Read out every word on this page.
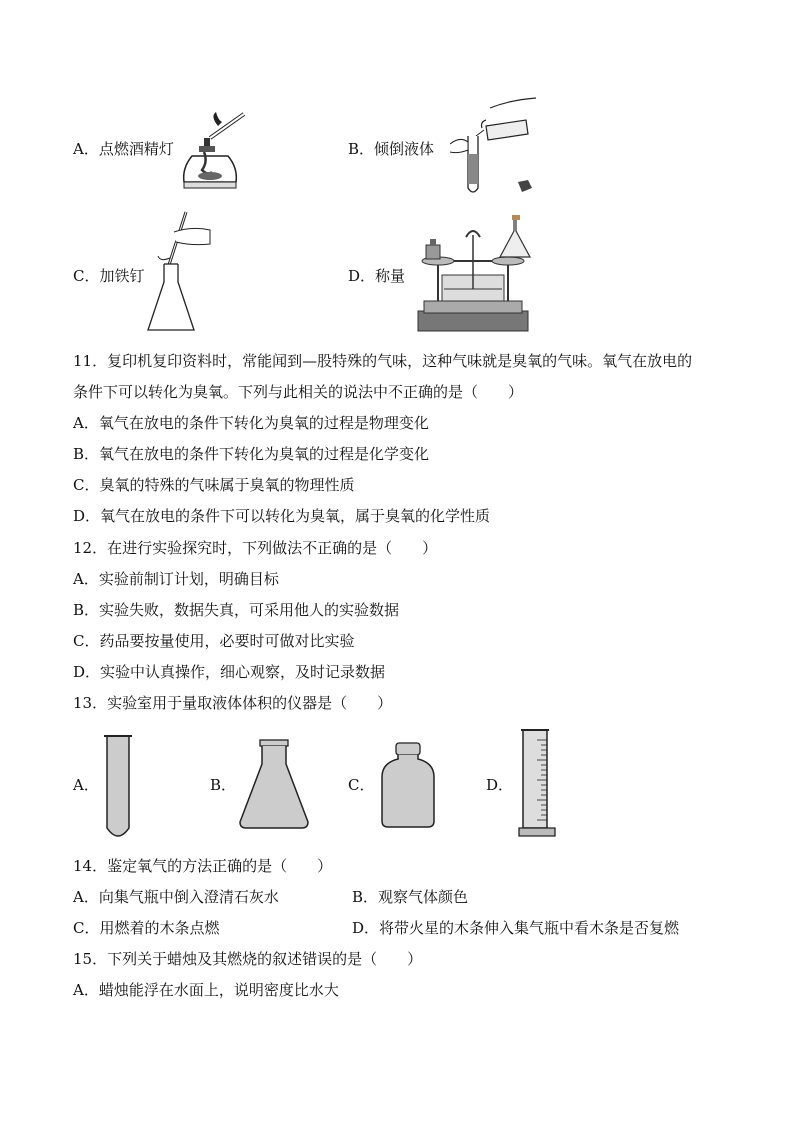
A．点燃酒精灯	B．倾倒液体
C．加铁钉	D．称量
11．复印机复印资料时，常能闻到—股特殊的气味，这种气味就是臭氧的气味。氧气在放电的
条件下可以转化为臭氧。下列与此相关的说法中不正确的是（　　）
A．氧气在放电的条件下转化为臭氧的过程是物理变化
B．氧气在放电的条件下转化为臭氧的过程是化学变化
C．臭氧的特殊的气味属于臭氧的物理性质
D．氧气在放电的条件下可以转化为臭氧，属于臭氧的化学性质
12．在进行实验探究时，下列做法不正确的是（　　）
A．实验前制订计划，明确目标
B．实验失败，数据失真，可采用他人的实验数据
C．药品要按量使用，必要时可做对比实验
D．实验中认真操作，细心观察，及时记录数据
13．实验室用于量取液体体积的仪器是（　　）
A．	B．	C．	D．
14．鉴定氧气的方法正确的是（　　）
A．向集气瓶中倒入澄清石灰水	B．观察气体颜色
C．用燃着的木条点燃	D．将带火星的木条伸入集气瓶中看木条是否复燃
15．下列关于蜡烛及其燃烧的叙述错误的是（　　）
A．蜡烛能浮在水面上，说明密度比水大
